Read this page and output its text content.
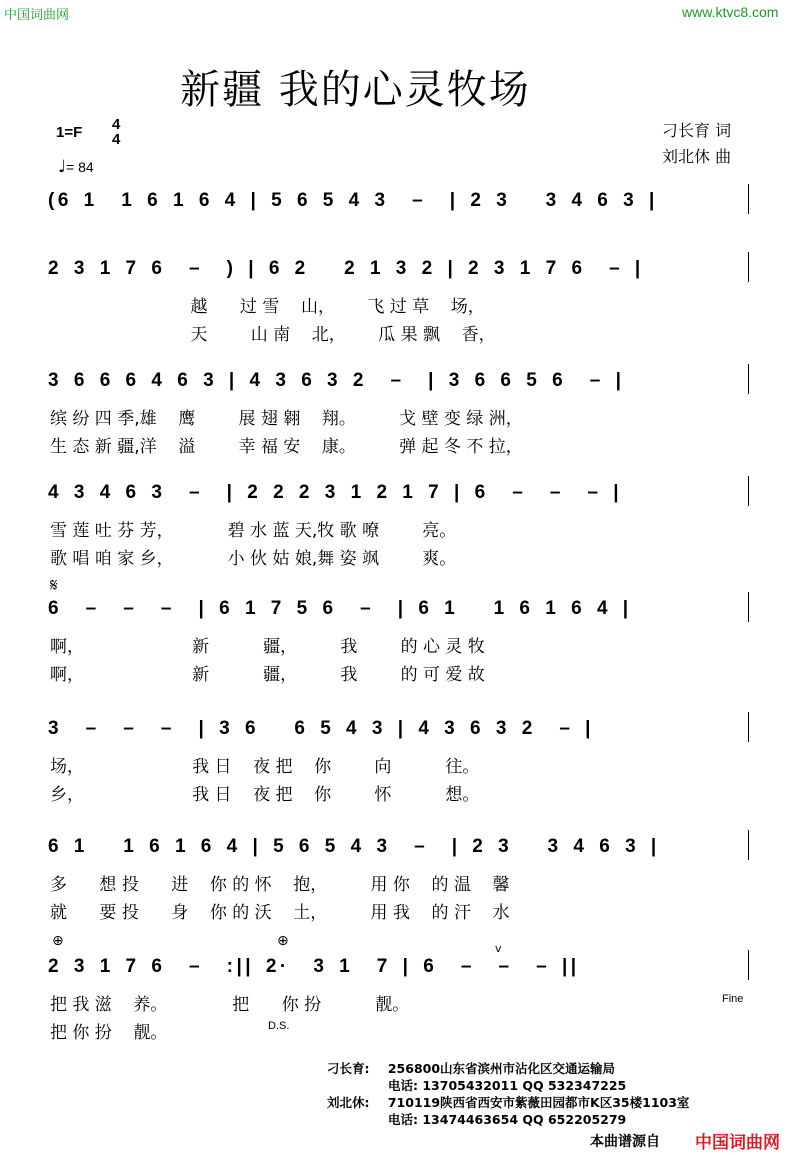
中国词曲网	www.ktvc8.com
新疆 我的心灵牧场
1=F 4
4
♩= 84
刁长育 词
刘北休 曲
(6 1  1 6 1 6 4 | 5 6 5 4 3  –  | 2 3   3 4 6 3 |
2 3 1 7 6  –  ) | 6 2   2 1 3 2 | 2 3 1 7 6  – |
越      过 雪    山，      飞 过 草    场，
天        山 南    北，      瓜 果 飘    香，
3 6 6 6 4 6 3 | 4 3 6 3 2  –  | 3 6 6 5 6  – |
缤 纷 四 季,雄    鹰        展 翅 翱    翔。        戈 壁 变 绿 洲，
生 态 新 疆,洋    溢        幸 福 安    康。        弹 起 冬 不 拉，
4 3 4 6 3  –  | 2 2 2 3 1 2 1 7 | 6  –  –  – |
雪 莲 吐 芬 芳，          碧 水 蓝 天,牧 歌 嘹        亮。
歌 唱 咱 家 乡，          小 伙 姑 娘,舞 姿 飒        爽。
6  –  –  –  | 6 1 7 5 6  –  | 6 1   1 6 1 6 4 |
啊，                    新          疆，        我        的 心 灵 牧
啊，                    新          疆，        我        的 可 爱 故
3  –  –  –  | 3 6   6 5 4 3 | 4 3 6 3 2  – |
场，                    我 日    夜 把    你        向          往。
乡，                    我 日    夜 把    你        怀          想。
6 1   1 6 1 6 4 | 5 6 5 4 3  –  | 2 3   3 4 6 3 |
多      想 投      进    你 的 怀    抱，        用 你    的 温    馨
就      要 投      身    你 的 沃    土，        用 我    的 汗    水
2 3 1 7 6  –  :|| 2·  3 1  7 | 6  –  –  – ||
把 我 滋    养。            把      你 扮          靓。
把 你 扮    靓。
𝄋
⊕	⊕	v
Fine
D.S.
刁长育: 256800山东省滨州市沾化区交通运输局
电话: 13705432011 QQ 532347225
刘北休: 710119陕西省西安市紫薇田园都市K区35楼1103室
电话: 13474463654 QQ 652205279
本曲谱源自 中国词曲网
